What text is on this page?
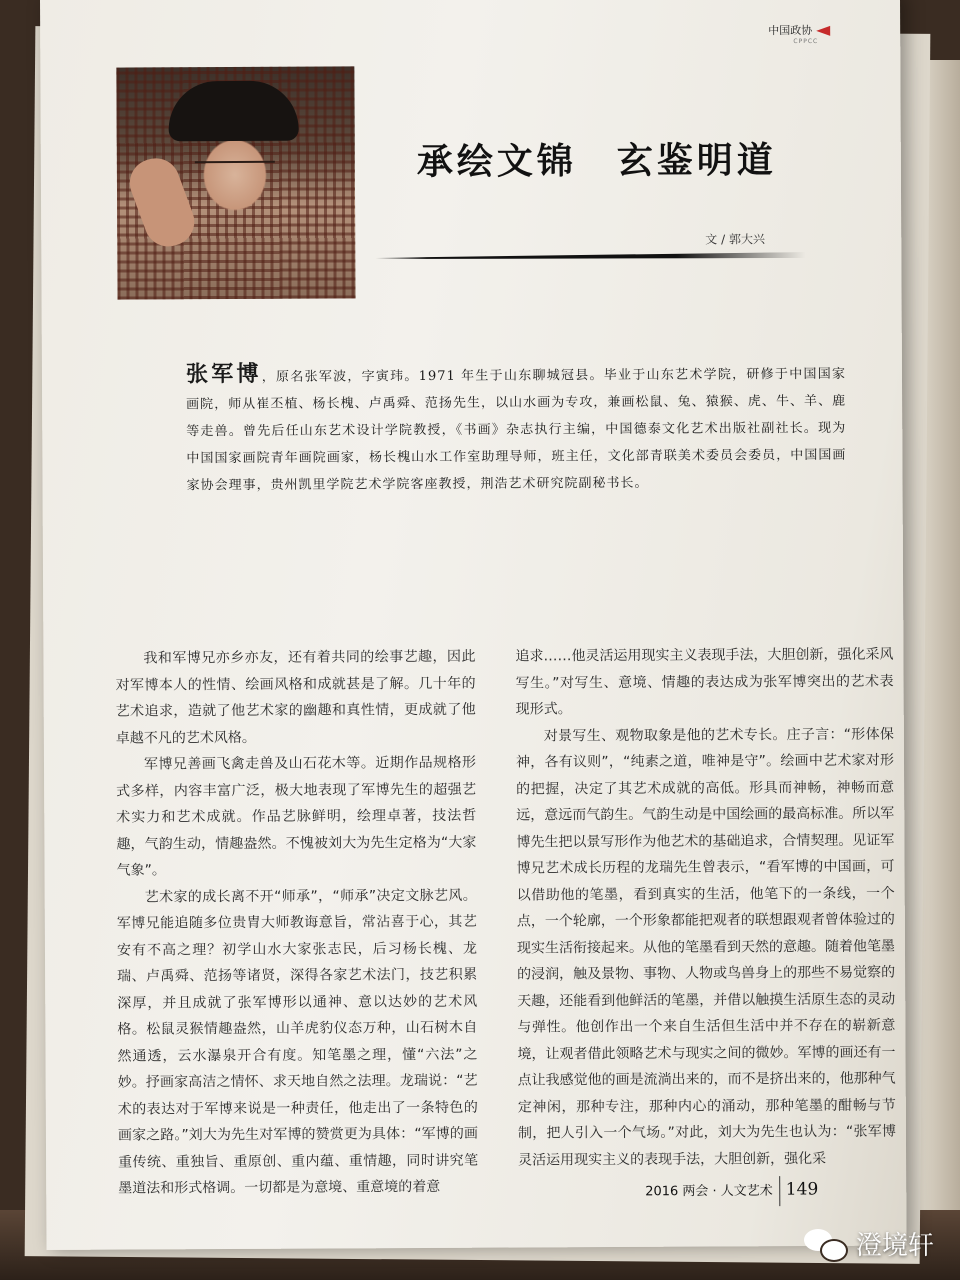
中国政协
CPPCC
承绘文锦　玄鉴明道
文 / 郭大兴
张军博，原名张军波，字寅玮。1971 年生于山东聊城冠县。毕业于山东艺术学院，研修于中国国家画院，师从崔丕植、杨长槐、卢禹舜、范扬先生，以山水画为专攻，兼画松鼠、兔、猿猴、虎、牛、羊、鹿等走兽。曾先后任山东艺术设计学院教授，《书画》杂志执行主编，中国德泰文化艺术出版社副社长。现为中国国家画院青年画院画家，杨长槐山水工作室助理导师，班主任，文化部青联美术委员会委员，中国国画家协会理事，贵州凯里学院艺术学院客座教授，荆浩艺术研究院副秘书长。

我和军博兄亦乡亦友，还有着共同的绘事艺趣，因此对军博本人的性情、绘画风格和成就甚是了解。几十年的艺术追求，造就了他艺术家的幽趣和真性情，更成就了他卓越不凡的艺术风格。

军博兄善画飞禽走兽及山石花木等。近期作品规格形式多样，内容丰富广泛，极大地表现了军博先生的超强艺术实力和艺术成就。作品艺脉鲜明，绘理卓著，技法哲趣，气韵生动，情趣盎然。不愧被刘大为先生定格为“大家气象”。

艺术家的成长离不开“师承”，“师承”决定文脉艺风。军博兄能追随多位贵胄大师教诲意旨，常沾喜于心，其艺安有不高之理？初学山水大家张志民，后习杨长槐、龙瑞、卢禹舜、范扬等诸贤，深得各家艺术法门，技艺积累深厚，并且成就了张军博形以通神、意以达妙的艺术风格。松鼠灵猴情趣盎然，山羊虎豹仪态万种，山石树木自然通透，云水瀑泉开合有度。知笔墨之理，懂“六法”之妙。抒画家高洁之情怀、求天地自然之法理。龙瑞说：“艺术的表达对于军博来说是一种责任，他走出了一条特色的画家之路。”刘大为先生对军博的赞赏更为具体：“军博的画重传统、重独旨、重原创、重内蕴、重情趣，同时讲究笔墨道法和形式格调。一切都是为意境、重意境的着意

追求……他灵活运用现实主义表现手法，大胆创新，强化采风写生。”对写生、意境、情趣的表达成为张军博突出的艺术表现形式。

对景写生、观物取象是他的艺术专长。庄子言：“形体保神，各有议则”，“纯素之道，唯神是守”。绘画中艺术家对形的把握，决定了其艺术成就的高低。形具而神畅，神畅而意远，意远而气韵生。气韵生动是中国绘画的最高标准。所以军博先生把以景写形作为他艺术的基础追求，合情契理。见证军博兄艺术成长历程的龙瑞先生曾表示，“看军博的中国画，可以借助他的笔墨，看到真实的生活，他笔下的一条线，一个点，一个轮廓，一个形象都能把观者的联想跟观者曾体验过的现实生活衔接起来。从他的笔墨看到天然的意趣。随着他笔墨的浸润，触及景物、事物、人物或鸟兽身上的那些不易觉察的天趣，还能看到他鲜活的笔墨，并借以触摸生活原生态的灵动与弹性。他创作出一个来自生活但生活中并不存在的崭新意境，让观者借此领略艺术与现实之间的微妙。军博的画还有一点让我感觉他的画是流淌出来的，而不是挤出来的，他那种气定神闲，那种专注，那种内心的涌动，那种笔墨的酣畅与节制，把人引入一个气场。”对此，刘大为先生也认为：“张军博灵活运用现实主义的表现手法，大胆创新，强化采

2016 两会 · 人文艺术 149
澄境轩
